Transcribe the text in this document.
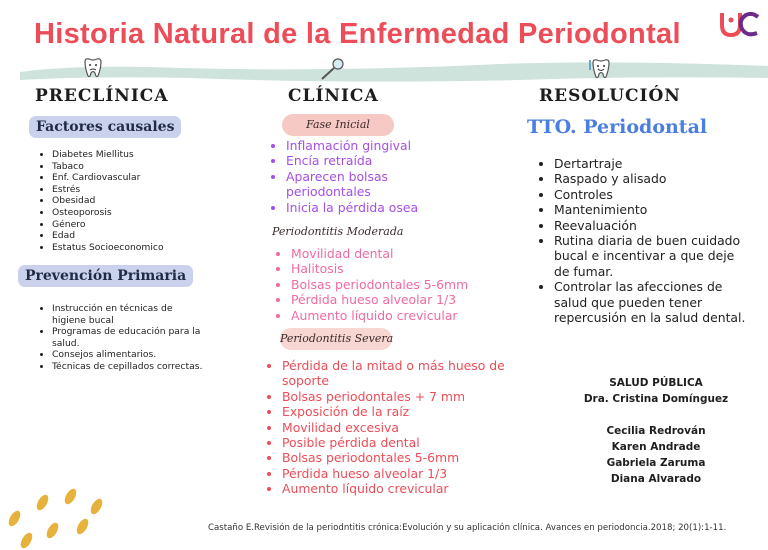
Historia Natural de la Enfermedad Periodontal
PRECLÍNICA
Factores causales
• Diabetes Miellitus
• Tabaco
• Enf. Cardiovascular
• Estrés
• Obesidad
• Osteoporosis
• Género
• Edad
• Estatus Socioeconomico
Prevención Primaria
• Instrucción en técnicas de higiene bucal
• Programas de educación para la salud.
• Consejos alimentarios.
• Técnicas de cepillados correctas.
CLÍNICA
Fase Inicial
• Inflamación gingival
• Encía retraída
• Aparecen bolsas periodontales
• Inicia la pérdida osea
Periodontitis Moderada
• Movilidad dental
• Halitosis
• Bolsas periodontales 5-6mm
• Pérdida hueso alveolar 1/3
• Aumento líquido crevicular
Periodontitis Severa
• Pérdida de la mitad o más hueso de soporte
• Bolsas periodontales + 7 mm
• Exposición de la raíz
• Movilidad excesiva
• Posible pérdida dental
• Bolsas periodontales 5-6mm
• Pérdida hueso alveolar 1/3
• Aumento líquido crevicular
RESOLUCIÓN
TTO. Periodontal
• Dertartraje
• Raspado y alisado
• Controles
• Mantenimiento
• Reevaluación
• Rutina diaria de buen cuidado bucal e incentivar a que deje de fumar.
• Controlar las afecciones de salud que pueden tener repercusión en la salud dental.
SALUD PÚBLICA
Dra. Cristina Domínguez
Cecilia Redrován
Karen Andrade
Gabriela Zaruma
Diana Alvarado
Castaño E.Revisión de la periodntitis crónica:Evolución y su aplicación clínica. Avances en periodoncia.2018; 20(1):1-11.
